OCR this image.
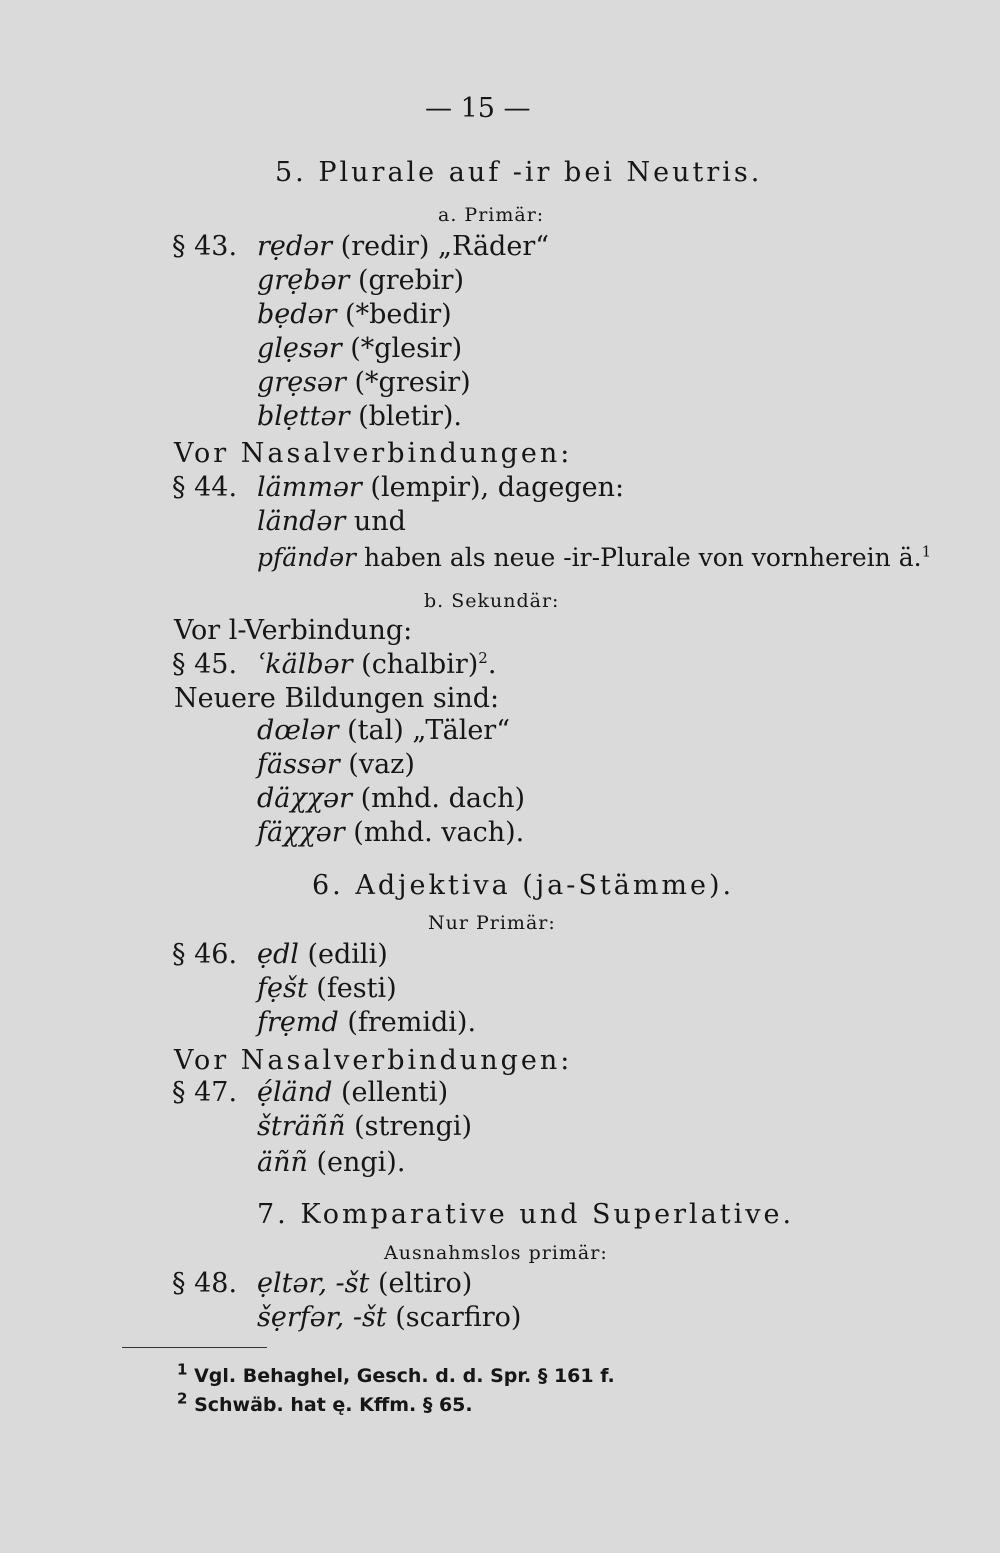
— 15 —
5. Plurale auf -ir bei Neutris.
a. Primär:
§ 43. rẹdər (redir) „Räder“
grẹbər (grebir)
bẹdər (*bedir)
glẹsər (*glesir)
grẹsər (*gresir)
blẹttər (bletir).
Vor Nasalverbindungen:
§ 44. lämmər (lempir), dagegen:
ländər und
pfändər haben als neue -ir-Plurale von vornherein ä.$^1$
b. Sekundär:
Vor l-Verbindung:
§ 45. ʿkälbər (chalbir)$^2$.
Neuere Bildungen sind:
dœlər (tal) „Täler“
fässər (vaz)
däχχər (mhd. dach)
fäχχər (mhd. vach).
6. Adjektiva (ja-Stämme).
Nur Primär:
§ 46. ẹdl (edili)
fẹšt (festi)
frẹmd (fremidi).
Vor Nasalverbindungen:
§ 47. ẹ́länd (ellenti)
šträññ (strengi)
äññ (engi).
7. Komparative und Superlative.
Ausnahmslos primär:
§ 48. ẹltər, -št (eltiro)
šẹrfər, -št (scarfiro)
$^1$ Vgl. Behaghel, Gesch. d. d. Spr. § 161 f.
$^2$ Schwäb. hat ę. Kffm. § 65.
